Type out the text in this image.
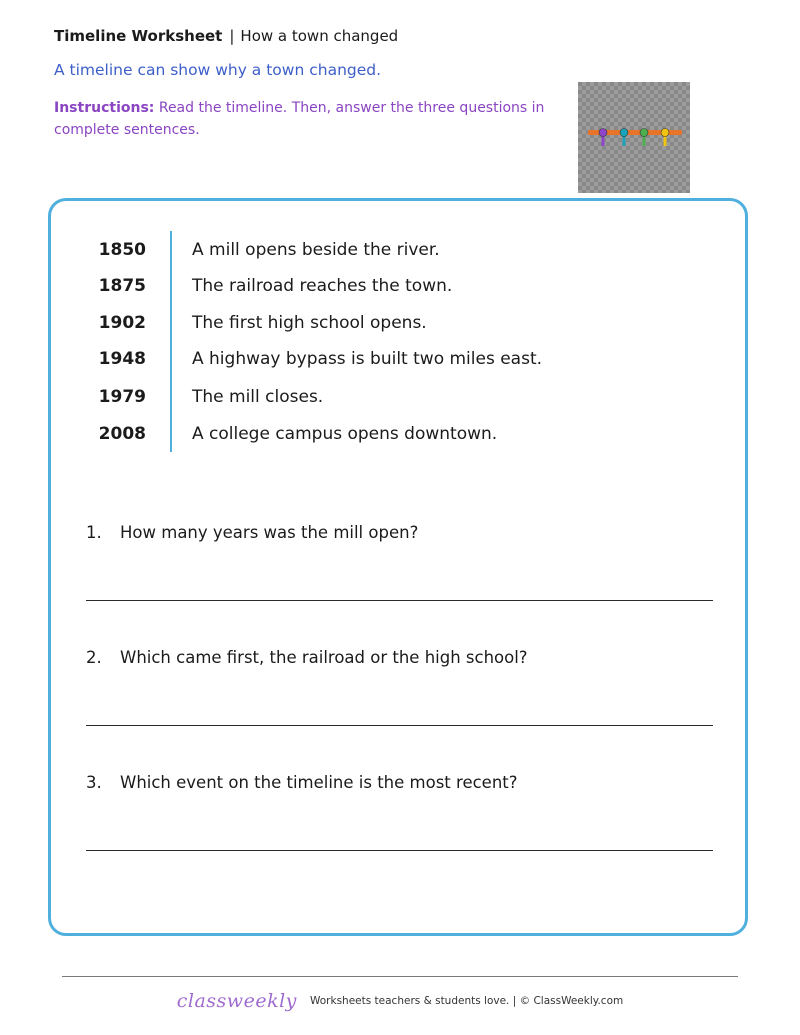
Timeline Worksheet | How a town changed
A timeline can show why a town changed.
Instructions: Read the timeline. Then, answer the three questions in complete sentences.
1850	A mill opens beside the river.
1875	The railroad reaches the town.
1902	The first high school opens.
1948	A highway bypass is built two miles east.
1979	The mill closes.
2008	A college campus opens downtown.
1. How many years was the mill open?
2. Which came first, the railroad or the high school?
3. Which event on the timeline is the most recent?
classweekly Worksheets teachers & students love. | © ClassWeekly.com
